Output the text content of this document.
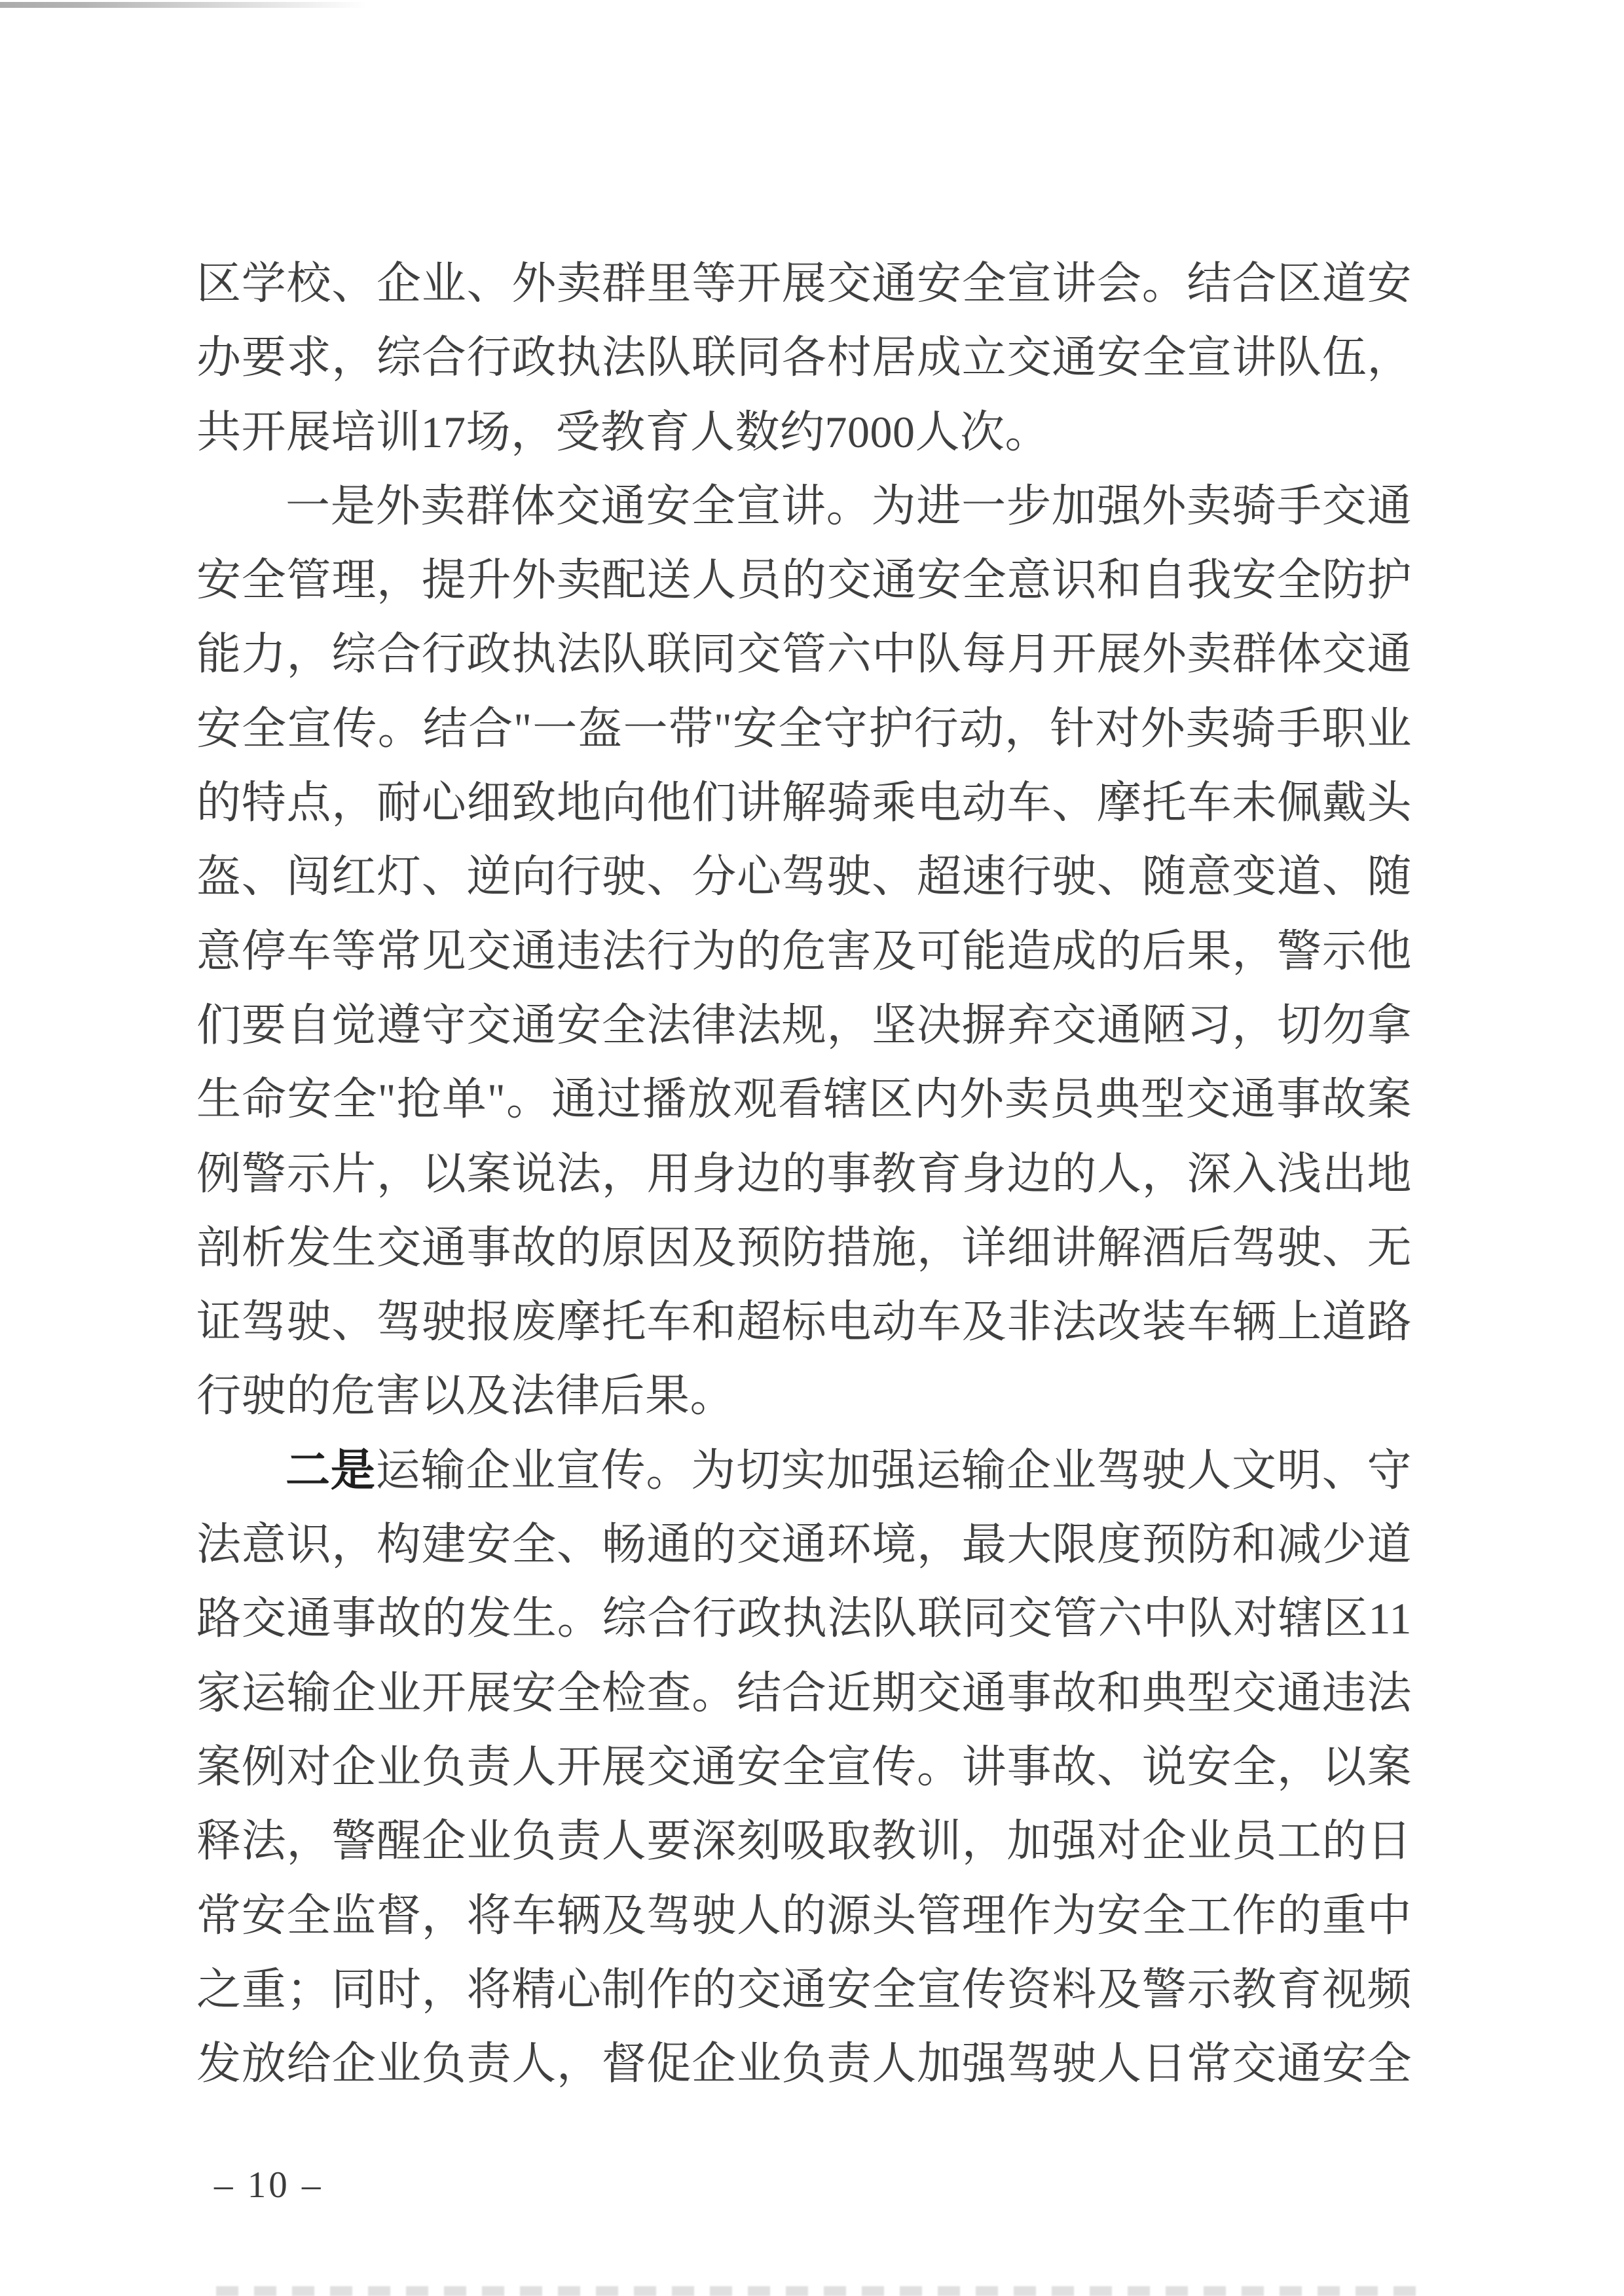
区学校、企业、外卖群里等开展交通安全宣讲会。结合区道安

办要求，综合行政执法队联同各村居成立交通安全宣讲队伍，

共开展培训17场，受教育人数约7000人次。

一是外卖群体交通安全宣讲。为进一步加强外卖骑手交通

安全管理，提升外卖配送人员的交通安全意识和自我安全防护

能力，综合行政执法队联同交管六中队每月开展外卖群体交通

安全宣传。结合"一盔一带"安全守护行动，针对外卖骑手职业

的特点，耐心细致地向他们讲解骑乘电动车、摩托车未佩戴头

盔、闯红灯、逆向行驶、分心驾驶、超速行驶、随意变道、随

意停车等常见交通违法行为的危害及可能造成的后果，警示他

们要自觉遵守交通安全法律法规，坚决摒弃交通陋习，切勿拿

生命安全"抢单"。通过播放观看辖区内外卖员典型交通事故案

例警示片，以案说法，用身边的事教育身边的人，深入浅出地

剖析发生交通事故的原因及预防措施，详细讲解酒后驾驶、无

证驾驶、驾驶报废摩托车和超标电动车及非法改装车辆上道路

行驶的危害以及法律后果。

二是运输企业宣传。为切实加强运输企业驾驶人文明、守

法意识，构建安全、畅通的交通环境，最大限度预防和减少道

路交通事故的发生。综合行政执法队联同交管六中队对辖区11

家运输企业开展安全检查。结合近期交通事故和典型交通违法

案例对企业负责人开展交通安全宣传。讲事故、说安全，以案

释法，警醒企业负责人要深刻吸取教训，加强对企业员工的日

常安全监督，将车辆及驾驶人的源头管理作为安全工作的重中

之重；同时，将精心制作的交通安全宣传资料及警示教育视频

发放给企业负责人，督促企业负责人加强驾驶人日常交通安全

– 10 –
